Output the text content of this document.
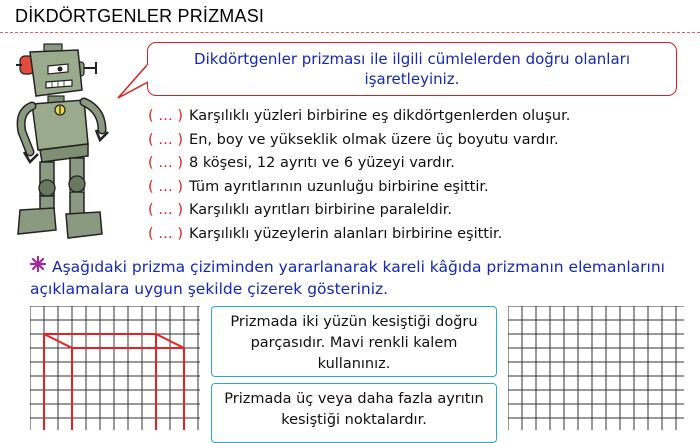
DİKDÖRTGENLER PRİZMASI
Dikdörtgenler prizması ile ilgili cümlelerden doğru olanları işaretleyiniz.
( … ) Karşılıklı yüzleri birbirine eş dikdörtgenlerden oluşur.
( … ) En, boy ve yükseklik olmak üzere üç boyutu vardır.
( … ) 8 köşesi, 12 ayrıtı ve 6 yüzeyi vardır.
( … ) Tüm ayrıtlarının uzunluğu birbirine eşittir.
( … ) Karşılıklı ayrıtları birbirine paraleldir.
( … ) Karşılıklı yüzeylerin alanları birbirine eşittir.
Aşağıdaki prizma çiziminden yararlanarak kareli kâğıda prizmanın elemanlarını açıklamalara uygun şekilde çizerek gösteriniz.
Prizmada iki yüzün kesiştiği doğru parçasıdır. Mavi renkli kalem kullanınız.
Prizmada üç veya daha fazla ayrıtın kesiştiği noktalardır.
